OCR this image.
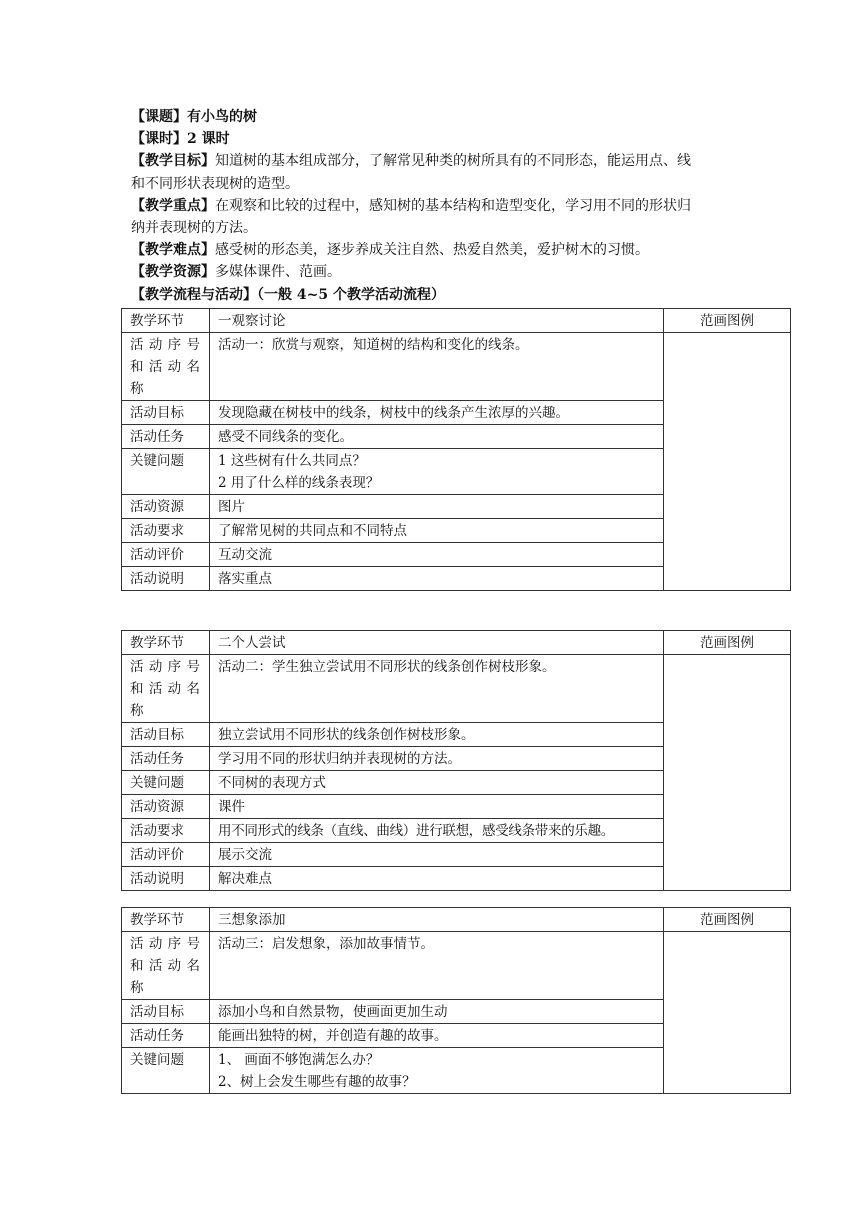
【课题】有小鸟的树

【课时】2 课时

【教学目标】知道树的基本组成部分，了解常见种类的树所具有的不同形态，能运用点、线

和不同形状表现树的造型。

【教学重点】在观察和比较的过程中，感知树的基本结构和造型变化，学习用不同的形状归

纳并表现树的方法。

【教学难点】感受树的形态美，逐步养成关注自然、热爱自然美，爱护树木的习惯。

【教学资源】多媒体课件、范画。

【教学流程与活动】（一般 4~5 个教学活动流程）

教学环节	一观察讨论	范画图例
活动序号和活动名称	活动一：欣赏与观察，知道树的结构和变化的线条。	
活动目标	发现隐藏在树枝中的线条，树枝中的线条产生浓厚的兴趣。	
活动任务	感受不同线条的变化。	
关键问题	1 这些树有什么共同点？
2 用了什么样的线条表现？	

活动资源	图片	
活动要求	了解常见树的共同点和不同特点	
活动评价	互动交流	
活动说明	落实重点	
教学环节	二个人尝试	范画图例
活动序号和活动名称	活动二：学生独立尝试用不同形状的线条创作树枝形象。	
活动目标	独立尝试用不同形状的线条创作树枝形象。	
活动任务	学习用不同的形状归纳并表现树的方法。	
关键问题	不同树的表现方式	
活动资源	课件	
活动要求	用不同形式的线条（直线、曲线）进行联想，感受线条带来的乐趣。	
活动评价	展示交流	
活动说明	解决难点	
教学环节	三想象添加	范画图例
活动序号和活动名称	活动三：启发想象，添加故事情节。	
活动目标	添加小鸟和自然景物，使画面更加生动	
活动任务	能画出独特的树，并创造有趣的故事。	
关键问题	1、 画面不够饱满怎么办？
2、树上会发生哪些有趣的故事？	
